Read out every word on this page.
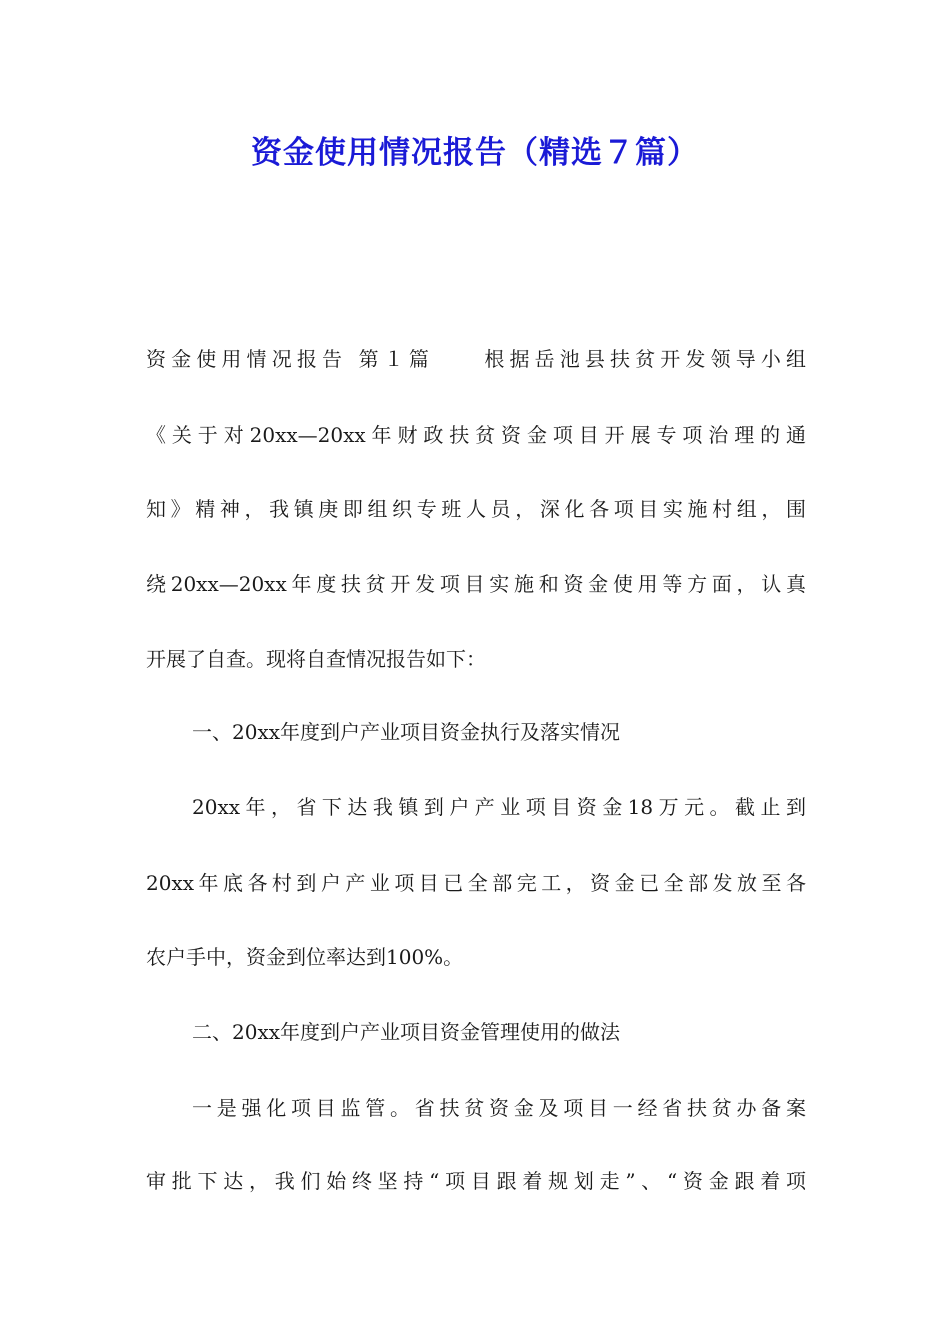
资金使用情况报告（精选７篇）
资金使用情况报告 第１篇　　根据岳池县扶贫开发领导小组
《关于对20xx—20xx年财政扶贫资金项目开展专项治理的通
知》精神，我镇庚即组织专班人员，深化各项目实施村组，围
绕20xx—20xx年度扶贫开发项目实施和资金使用等方面，认真
开展了自查。现将自查情况报告如下：
一、20xx年度到户产业项目资金执行及落实情况
20xx年，省下达我镇到户产业项目资金18万元。截止到
20xx年底各村到户产业项目已全部完工，资金已全部发放至各
农户手中，资金到位率达到100%。
二、20xx年度到户产业项目资金管理使用的做法
一是强化项目监管。省扶贫资金及项目一经省扶贫办备案
审批下达，我们始终坚持“项目跟着规划走”、“资金跟着项
